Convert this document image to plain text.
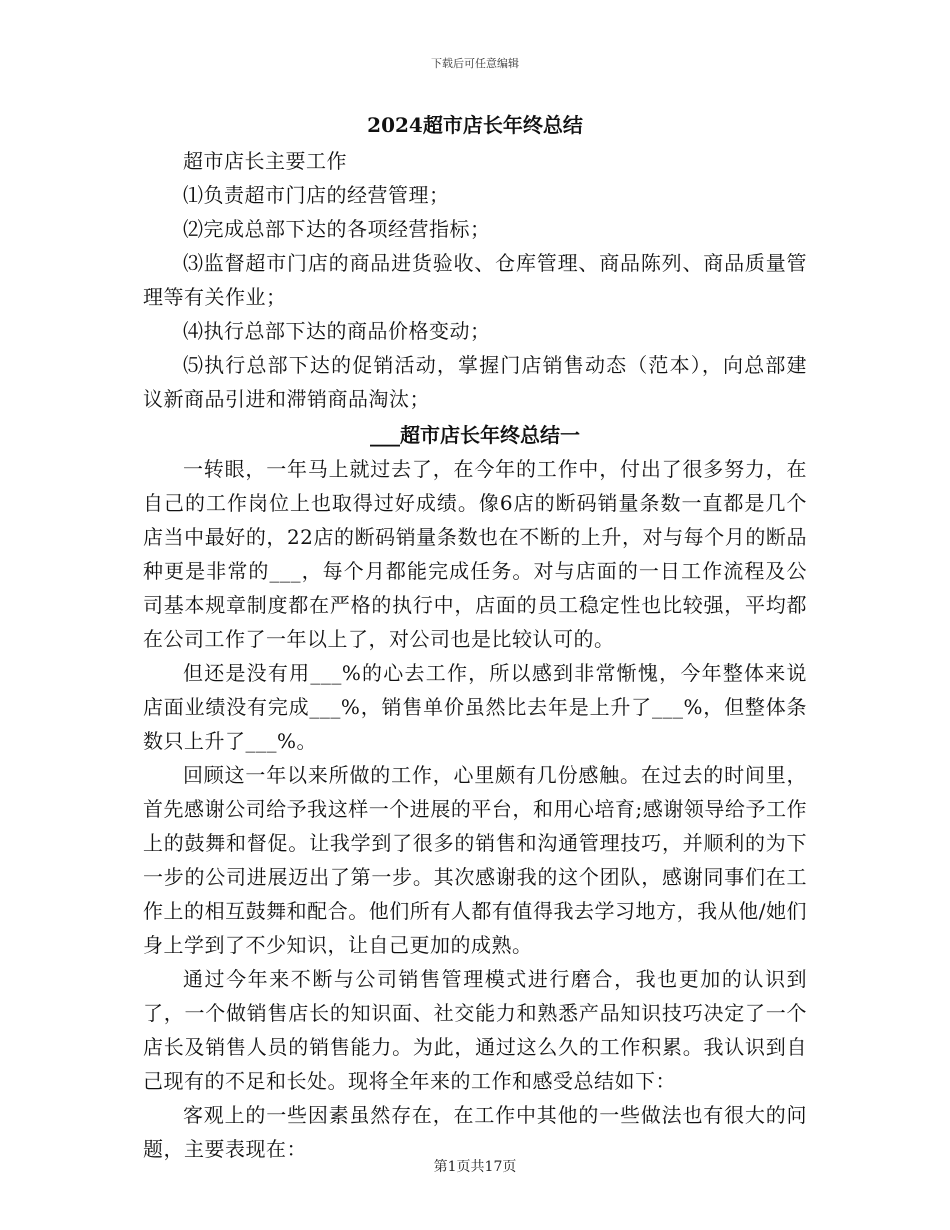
下载后可任意编辑
2024超市店长年终总结

超市店长主要工作

⑴负责超市门店的经营管理；

⑵完成总部下达的各项经营指标；

⑶监督超市门店的商品进货验收、仓库管理、商品陈列、商品质量管理等有关作业；

⑷执行总部下达的商品价格变动；

⑸执行总部下达的促销活动，掌握门店销售动态（范本），向总部建议新商品引进和滞销商品淘汰；

___超市店长年终总结一

一转眼，一年马上就过去了，在今年的工作中，付出了很多努力，在自己的工作岗位上也取得过好成绩。像6店的断码销量条数一直都是几个店当中最好的，22店的断码销量条数也在不断的上升，对与每个月的断品种更是非常的___，每个月都能完成任务。对与店面的一日工作流程及公司基本规章制度都在严格的执行中，店面的员工稳定性也比较强，平均都在公司工作了一年以上了，对公司也是比较认可的。

但还是没有用___%的心去工作，所以感到非常惭愧，今年整体来说店面业绩没有完成___%，销售单价虽然比去年是上升了___%，但整体条数只上升了___%。

回顾这一年以来所做的工作，心里颇有几份感触。在过去的时间里，首先感谢公司给予我这样一个进展的平台，和用心培育;感谢领导给予工作上的鼓舞和督促。让我学到了很多的销售和沟通管理技巧，并顺利的为下一步的公司进展迈出了第一步。其次感谢我的这个团队，感谢同事们在工作上的相互鼓舞和配合。他们所有人都有值得我去学习地方，我从他/她们身上学到了不少知识，让自己更加的成熟。

通过今年来不断与公司销售管理模式进行磨合，我也更加的认识到了，一个做销售店长的知识面、社交能力和熟悉产品知识技巧决定了一个店长及销售人员的销售能力。为此，通过这么久的工作积累。我认识到自己现有的不足和长处。现将全年来的工作和感受总结如下：

客观上的一些因素虽然存在，在工作中其他的一些做法也有很大的问题，主要表现在：

第1页共17页
